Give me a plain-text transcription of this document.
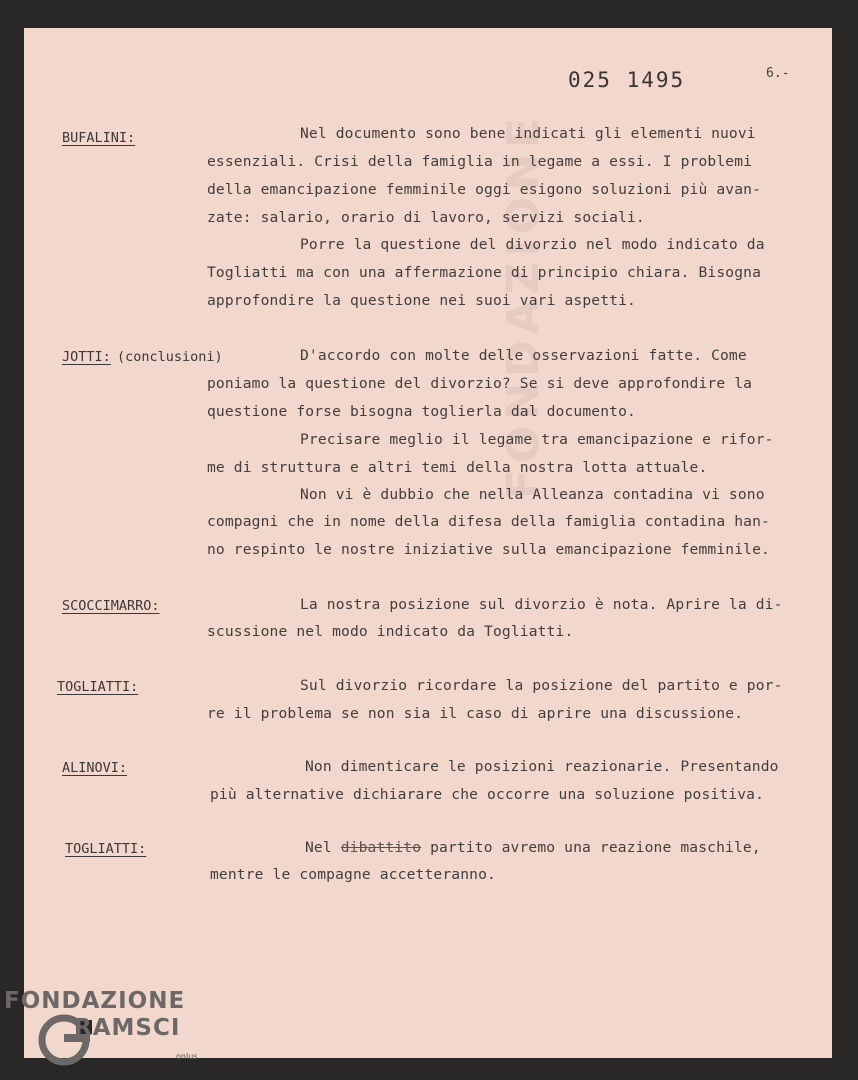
025 1495	6.-
FONDAZIONE
BUFALINI:	Nel documento sono bene indicati gli elementi nuovi
essenziali. Crisi della famiglia in legame a essi. I problemi
della emancipazione femminile oggi esigono soluzioni più avan-
zate: salario, orario di lavoro, servizi sociali.
Porre la questione del divorzio nel modo indicato da
Togliatti ma con una affermazione di principio chiara. Bisogna
approfondire la questione nei suoi vari aspetti.
JOTTI: (conclusioni)	D'accordo con molte delle osservazioni fatte. Come
poniamo la questione del divorzio? Se si deve approfondire la
questione forse bisogna toglierla dal documento.
Precisare meglio il legame tra emancipazione e rifor-
me di struttura e altri temi della nostra lotta attuale.
Non vi è dubbio che nella Alleanza contadina vi sono
compagni che in nome della difesa della famiglia contadina han-
no respinto le nostre iniziative sulla emancipazione femminile.
SCOCCIMARRO:	La nostra posizione sul divorzio è nota. Aprire la di-
scussione nel modo indicato da Togliatti.
TOGLIATTI:	Sul divorzio ricordare la posizione del partito e por-
re il problema se non sia il caso di aprire una discussione.
ALINOVI:	Non dimenticare le posizioni reazionarie. Presentando
più alternative dichiarare che occorre una soluzione positiva.
TOGLIATTI:	Nel dibattito partito avremo una reazione maschile,
mentre le compagne accetteranno.
FONDAZIONE
RAMSCI
onlus
